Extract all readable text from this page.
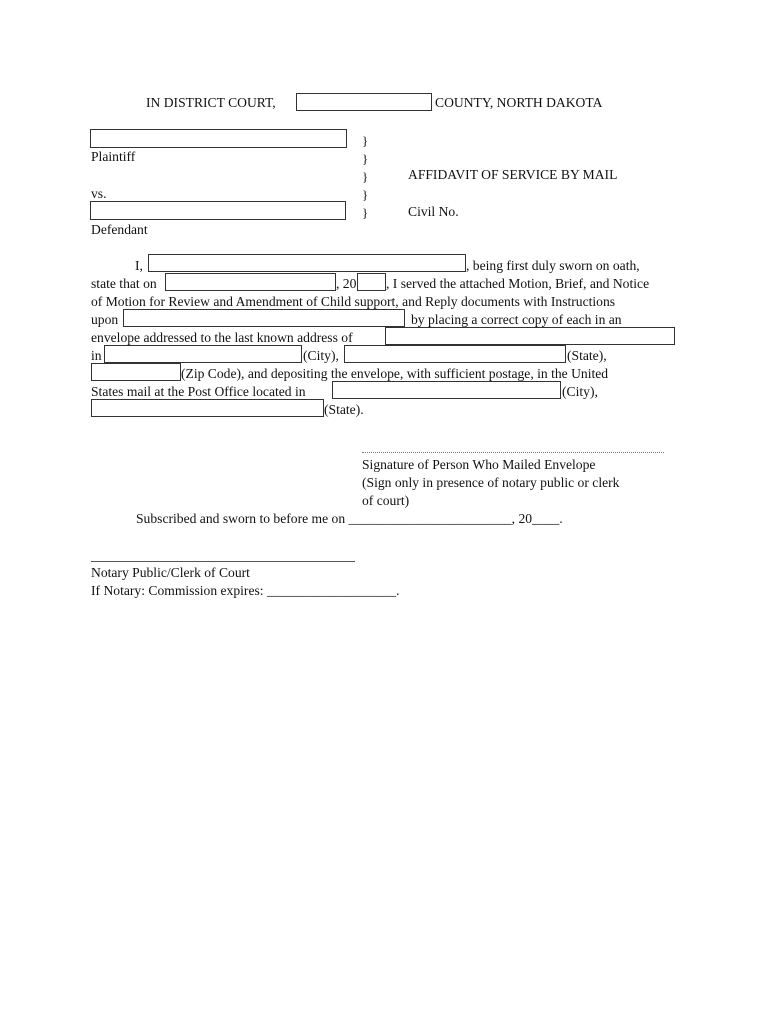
IN DISTRICT COURT,	COUNTY, NORTH DAKOTA
Plaintiff
vs.
Defendant
}
}
}
}
}
AFFIDAVIT OF SERVICE BY MAIL
Civil No.
I,	, being first duly sworn on oath,
state that on	, 20 , I served the attached Motion, Brief, and Notice
of Motion for Review and Amendment of Child support, and Reply documents with Instructions
upon	by placing a correct copy of each in an
envelope addressed to the last known address of
in	(City),	(State),
(Zip Code), and depositing the envelope, with sufficient postage, in the United
States mail at the Post Office located in	(City),
(State).
Signature of Person Who Mailed Envelope
(Sign only in presence of notary public or clerk
of court)
Subscribed and sworn to before me on ________________________, 20____.
Notary Public/Clerk of Court
If Notary: Commission expires: ___________________.
